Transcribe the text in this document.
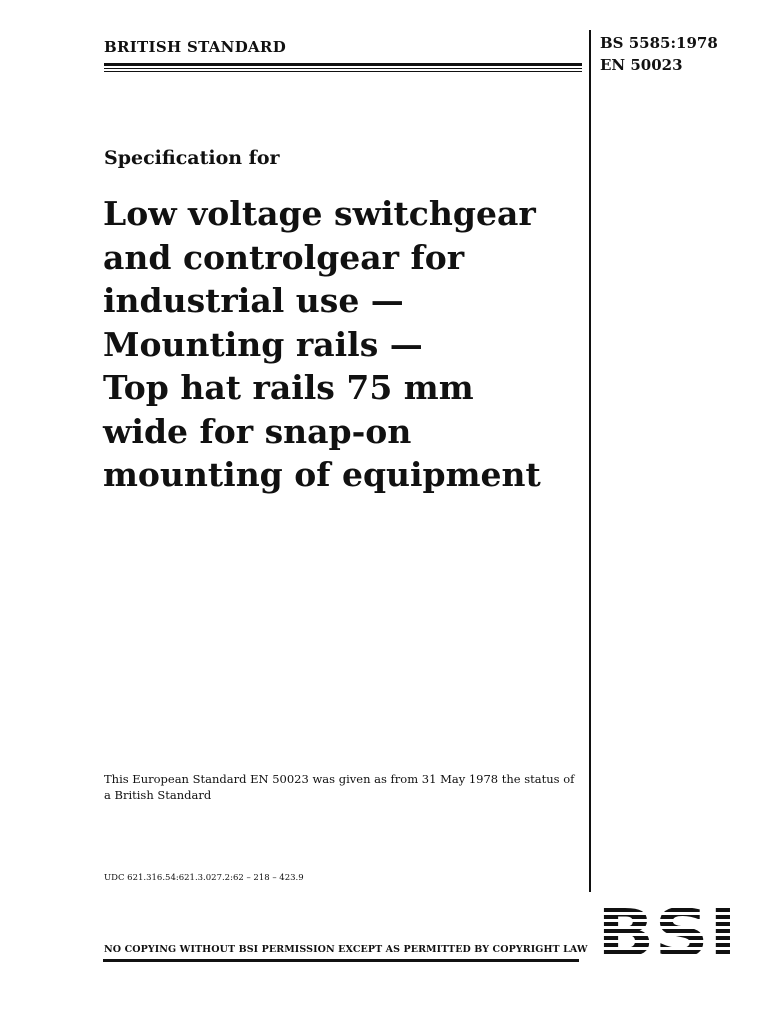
BRITISH STANDARD	BS 5585:1978
EN 50023

Specification for

Low voltage switchgear
and controlgear for
industrial use —
Mounting rails —
Top hat rails 75 mm
wide for snap-on
mounting of equipment

This European Standard EN 50023 was given as from 31 May 1978 the status of
a British Standard

UDC 621.316.54:621.3.027.2:62 – 218 – 423.9

NO COPYING WITHOUT BSI PERMISSION EXCEPT AS PERMITTED BY COPYRIGHT LAW
